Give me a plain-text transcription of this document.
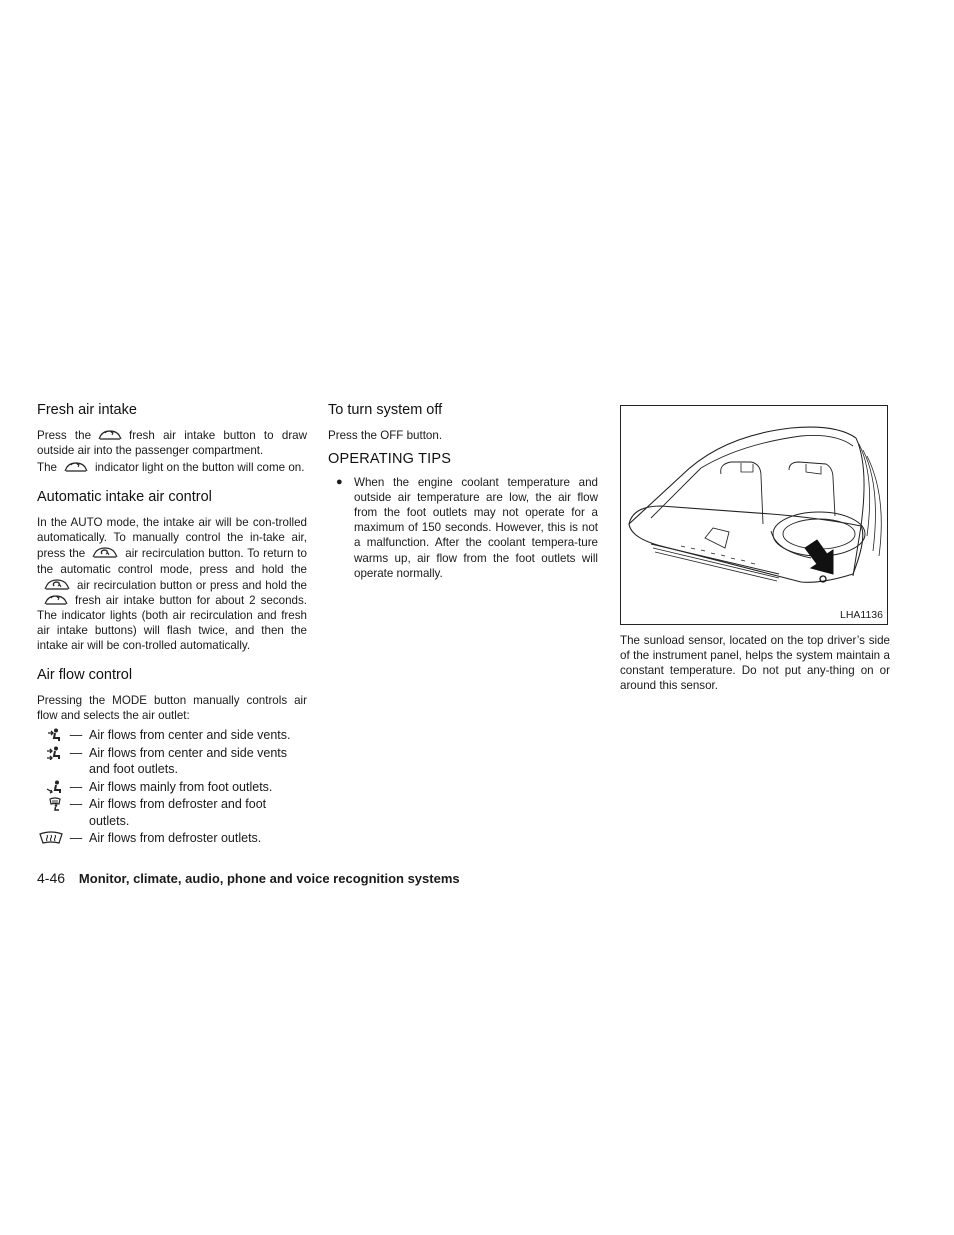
Fresh air intake

Press the	fresh air intake button to draw outside air into the passenger compartment.

The	indicator light on the button will come on.

Automatic intake air control

In the AUTO mode, the intake air will be con-trolled automatically. To manually control the in-take air, press the	air recirculation button. To return to the automatic control mode, press and hold the
air recirculation button or press and hold the
fresh air intake button for about 2 seconds. The indicator lights (both air recirculation and fresh air intake buttons) will flash twice, and then the intake air will be con-trolled automatically.

Air flow control

Pressing the MODE button manually controls air flow and selects the air outlet:

— Air flows from center and side vents.
— Air flows from center and side vents and foot outlets.
— Air flows mainly from foot outlets.
— Air flows from defroster and foot outlets.
— Air flows from defroster outlets.
To turn system off

Press the OFF button.

OPERATING TIPS
● When the engine coolant temperature and outside air temperature are low, the air flow from the foot outlets may not operate for a maximum of 150 seconds. However, this is not a malfunction. After the coolant tempera-ture warms up, air flow from the foot outlets will operate normally.
LHA1136

The sunload sensor, located on the top driver’s side of the instrument panel, helps the system maintain a constant temperature. Do not put any-thing on or around this sensor.

4-46 Monitor, climate, audio, phone and voice recognition systems
